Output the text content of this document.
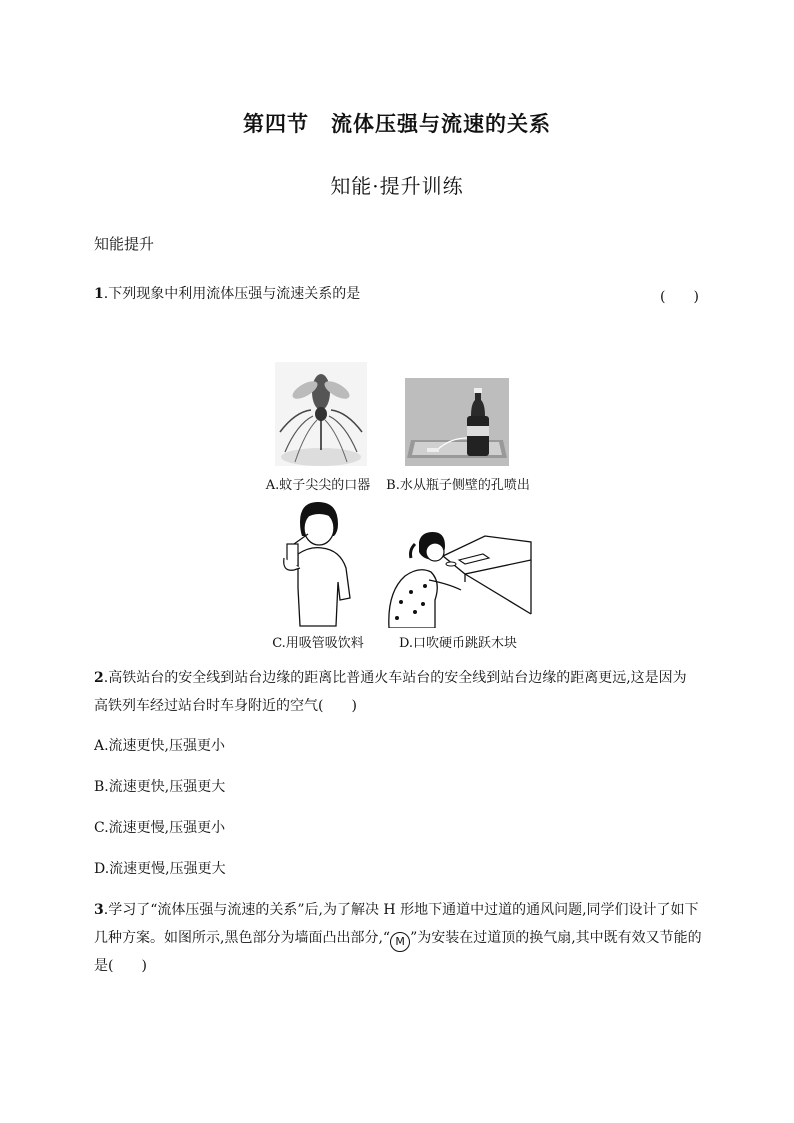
第四节　流体压强与流速的关系
知能·提升训练
知能提升
1.下列现象中利用流体压强与流速关系的是	(　　)
A.蚊子尖尖的口器	B.水从瓶子侧壁的孔喷出
C.用吸管吸饮料	D.口吹硬币跳跃木块
2.高铁站台的安全线到站台边缘的距离比普通火车站台的安全线到站台边缘的距离更远,这是因为
高铁列车经过站台时车身附近的空气(　　)
A.流速更快,压强更小
B.流速更快,压强更大
C.流速更慢,压强更小
D.流速更慢,压强更大
3.学习了“流体压强与流速的关系”后,为了解决 H 形地下通道中过道的通风问题,同学们设计了如下
几种方案。如图所示,黑色部分为墙面凸出部分,“ M ”为安装在过道顶的换气扇,其中既有效又节能的
是(　　)
